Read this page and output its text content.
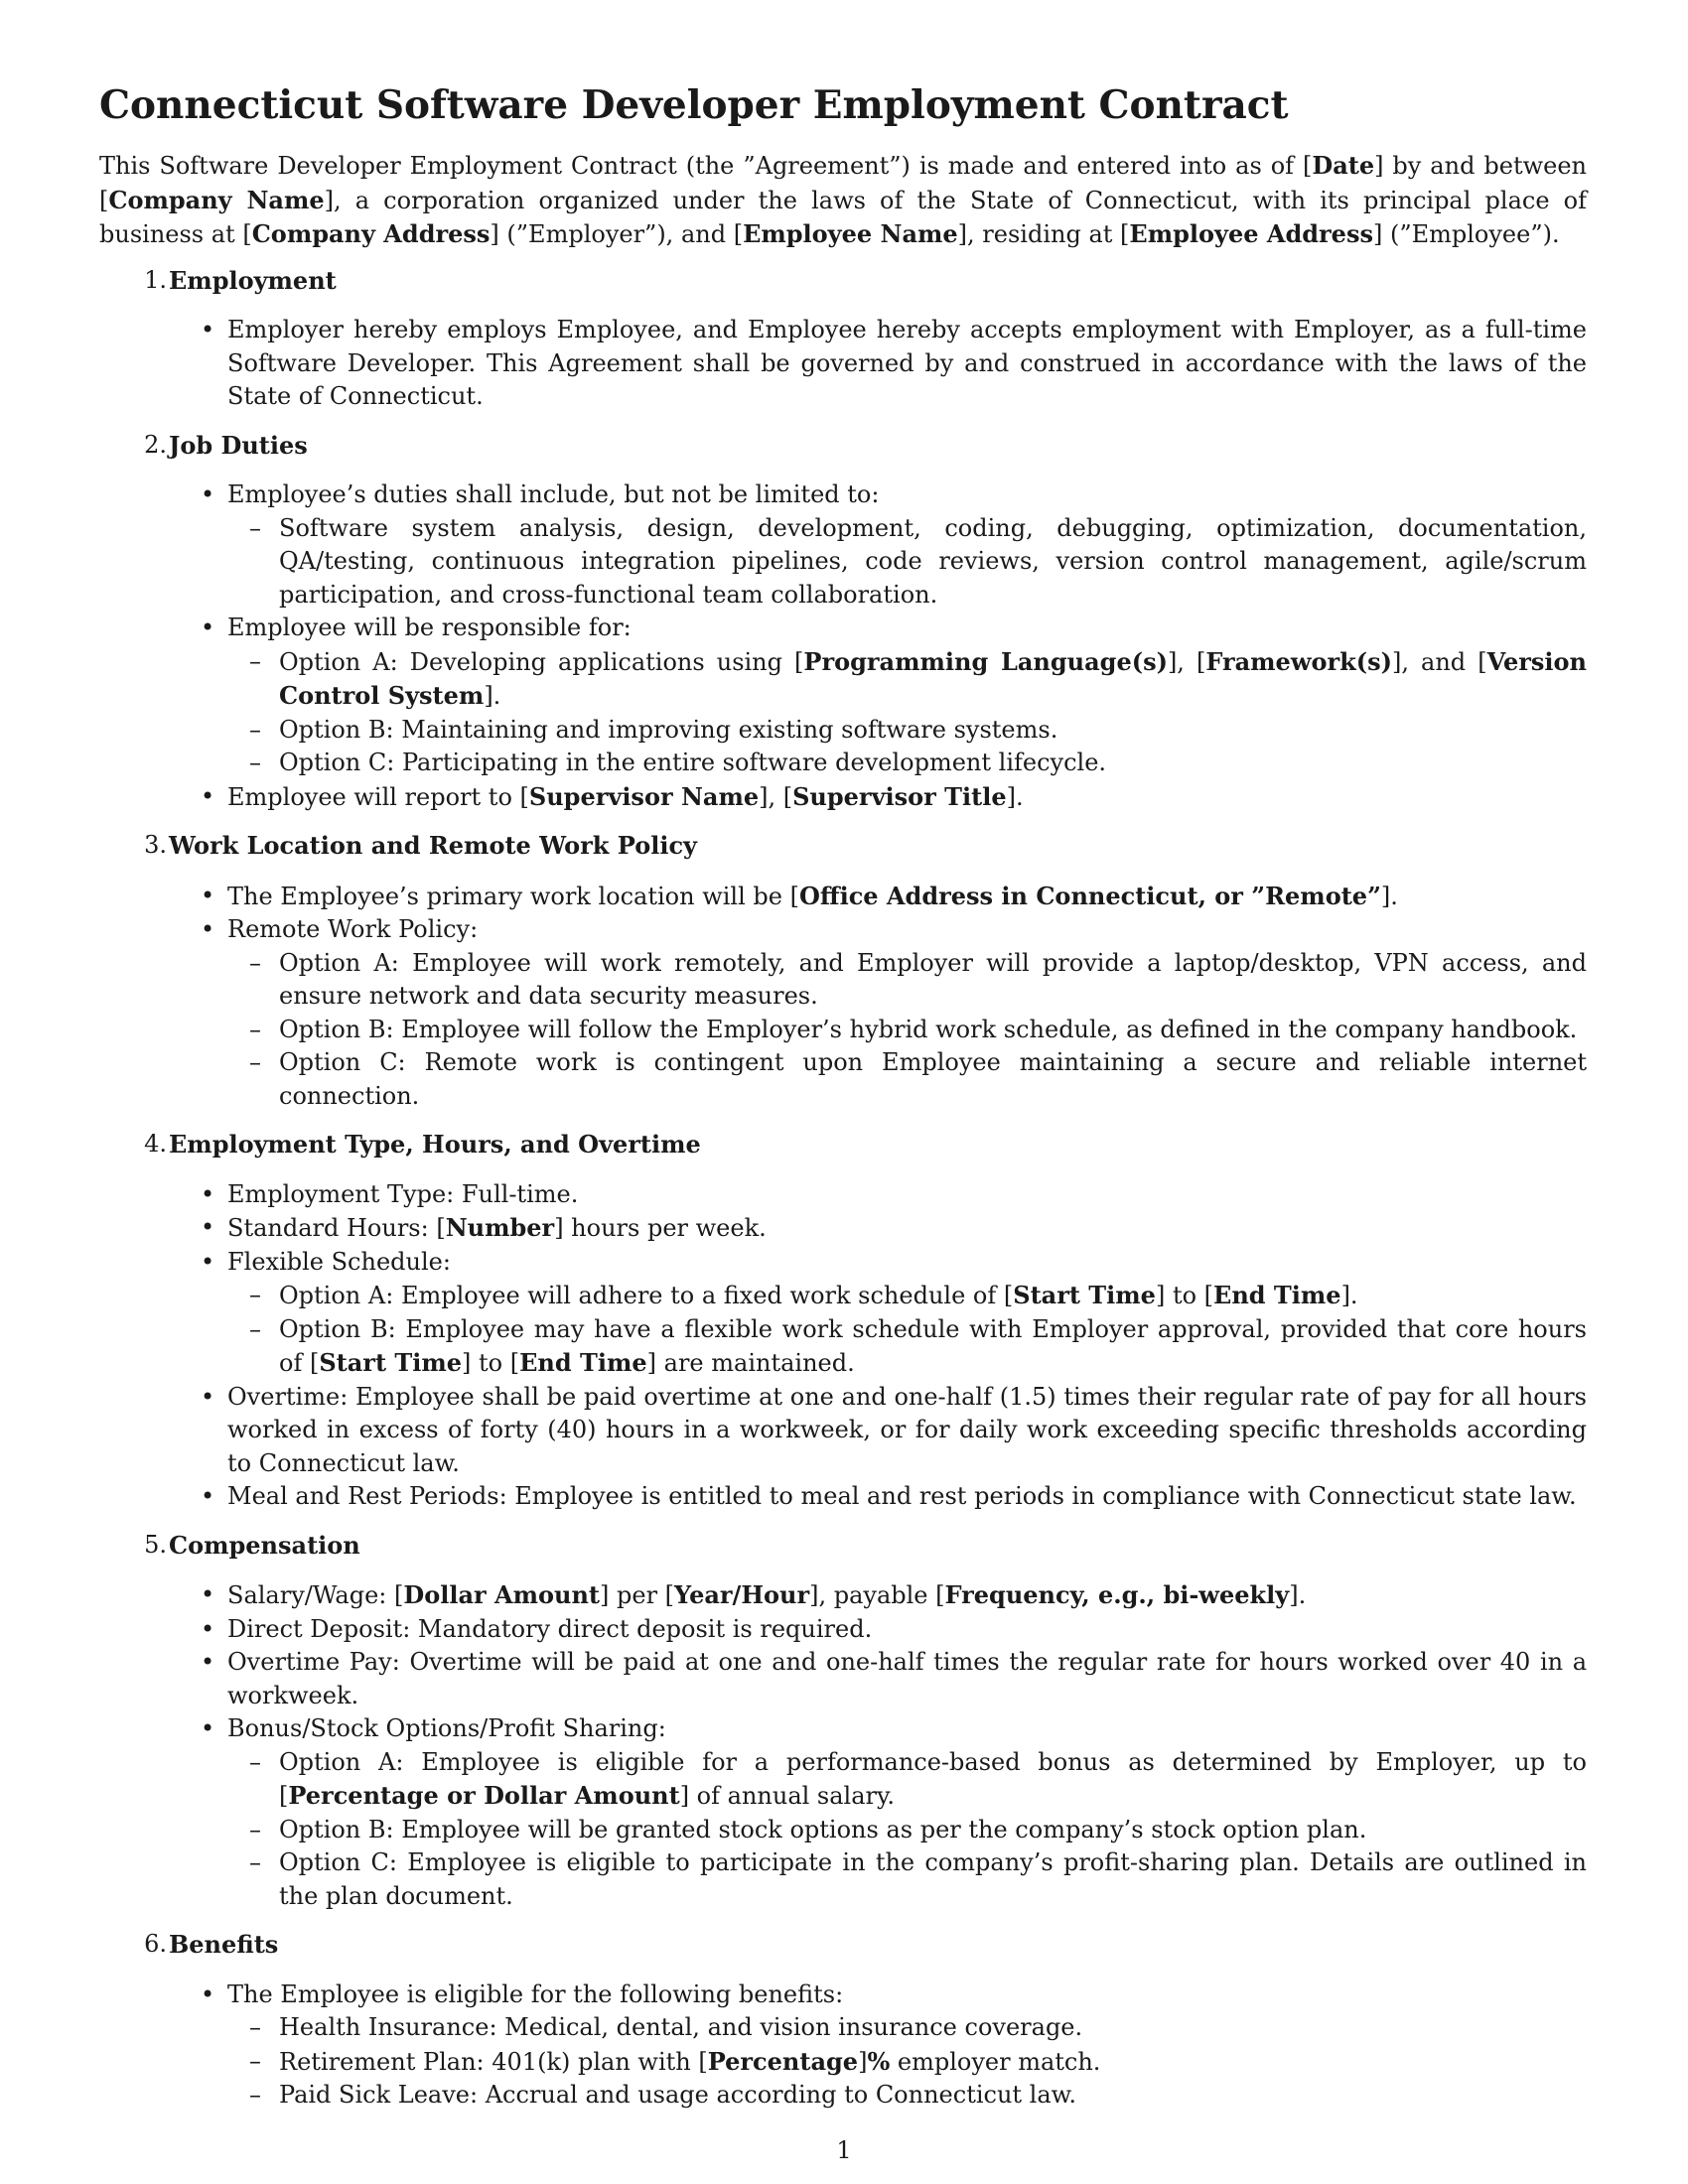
Connecticut Software Developer Employment Contract

This Software Developer Employment Contract (the ”Agreement”) is made and entered into as of [Date] by and between [Company Name], a corporation organized under the laws of the State of Connecticut, with its principal place of business at [Company Address] (”Employer”), and [Employee Name], residing at [Employee Address] (”Employee”).

1. Employment
• Employer hereby employs Employee, and Employee hereby accepts employment with Employer, as a full-time Software Developer. This Agreement shall be governed by and construed in accordance with the laws of the State of Connecticut.
2. Job Duties
• Employee’s duties shall include, but not be limited to:
– Software system analysis, design, development, coding, debugging, optimization, documentation, QA/testing, continuous integration pipelines, code reviews, version control management, agile/scrum participation, and cross-functional team collaboration.
• Employee will be responsible for:
– Option A: Developing applications using [Programming Language(s)], [Framework(s)], and [Version Control System].
– Option B: Maintaining and improving existing software systems.
– Option C: Participating in the entire software development lifecycle.
• Employee will report to [Supervisor Name], [Supervisor Title].
3. Work Location and Remote Work Policy
• The Employee’s primary work location will be [Office Address in Connecticut, or ”Remote”].
• Remote Work Policy:
– Option A: Employee will work remotely, and Employer will provide a laptop/desktop, VPN access, and ensure network and data security measures.
– Option B: Employee will follow the Employer’s hybrid work schedule, as defined in the company handbook.
– Option C: Remote work is contingent upon Employee maintaining a secure and reliable internet connection.
4. Employment Type, Hours, and Overtime
• Employment Type: Full-time.
• Standard Hours: [Number] hours per week.
• Flexible Schedule:
– Option A: Employee will adhere to a fixed work schedule of [Start Time] to [End Time].
– Option B: Employee may have a flexible work schedule with Employer approval, provided that core hours of [Start Time] to [End Time] are maintained.
• Overtime: Employee shall be paid overtime at one and one-half (1.5) times their regular rate of pay for all hours worked in excess of forty (40) hours in a workweek, or for daily work exceeding specific thresholds according to Connecticut law.
• Meal and Rest Periods: Employee is entitled to meal and rest periods in compliance with Connecticut state law.
5. Compensation
• Salary/Wage: [Dollar Amount] per [Year/Hour], payable [Frequency, e.g., bi-weekly].
• Direct Deposit: Mandatory direct deposit is required.
• Overtime Pay: Overtime will be paid at one and one-half times the regular rate for hours worked over 40 in a workweek.
• Bonus/Stock Options/Profit Sharing:
– Option A: Employee is eligible for a performance-based bonus as determined by Employer, up to [Percentage or Dollar Amount] of annual salary.
– Option B: Employee will be granted stock options as per the company’s stock option plan.
– Option C: Employee is eligible to participate in the company’s profit-sharing plan. Details are outlined in the plan document.
6. Benefits
• The Employee is eligible for the following benefits:
– Health Insurance: Medical, dental, and vision insurance coverage.
– Retirement Plan: 401(k) plan with [Percentage]% employer match.
– Paid Sick Leave: Accrual and usage according to Connecticut law.
1
